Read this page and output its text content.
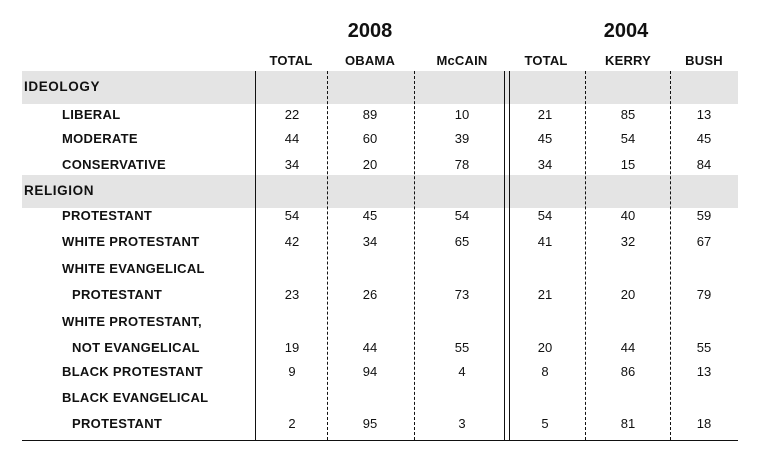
2008	2004
TOTAL	OBAMA	McCAIN	TOTAL	KERRY	BUSH
IDEOLOGY
LIBERAL	22	89	10	21	85	13
MODERATE	44	60	39	45	54	45
CONSERVATIVE	34	20	78	34	15	84
RELIGION
PROTESTANT	54	45	54	54	40	59
WHITE PROTESTANT	42	34	65	41	32	67
WHITE EVANGELICAL
PROTESTANT	23	26	73	21	20	79
WHITE PROTESTANT,
NOT EVANGELICAL	19	44	55	20	44	55
BLACK PROTESTANT	9	94	4	8	86	13
BLACK EVANGELICAL
PROTESTANT	2	95	3	5	81	18
